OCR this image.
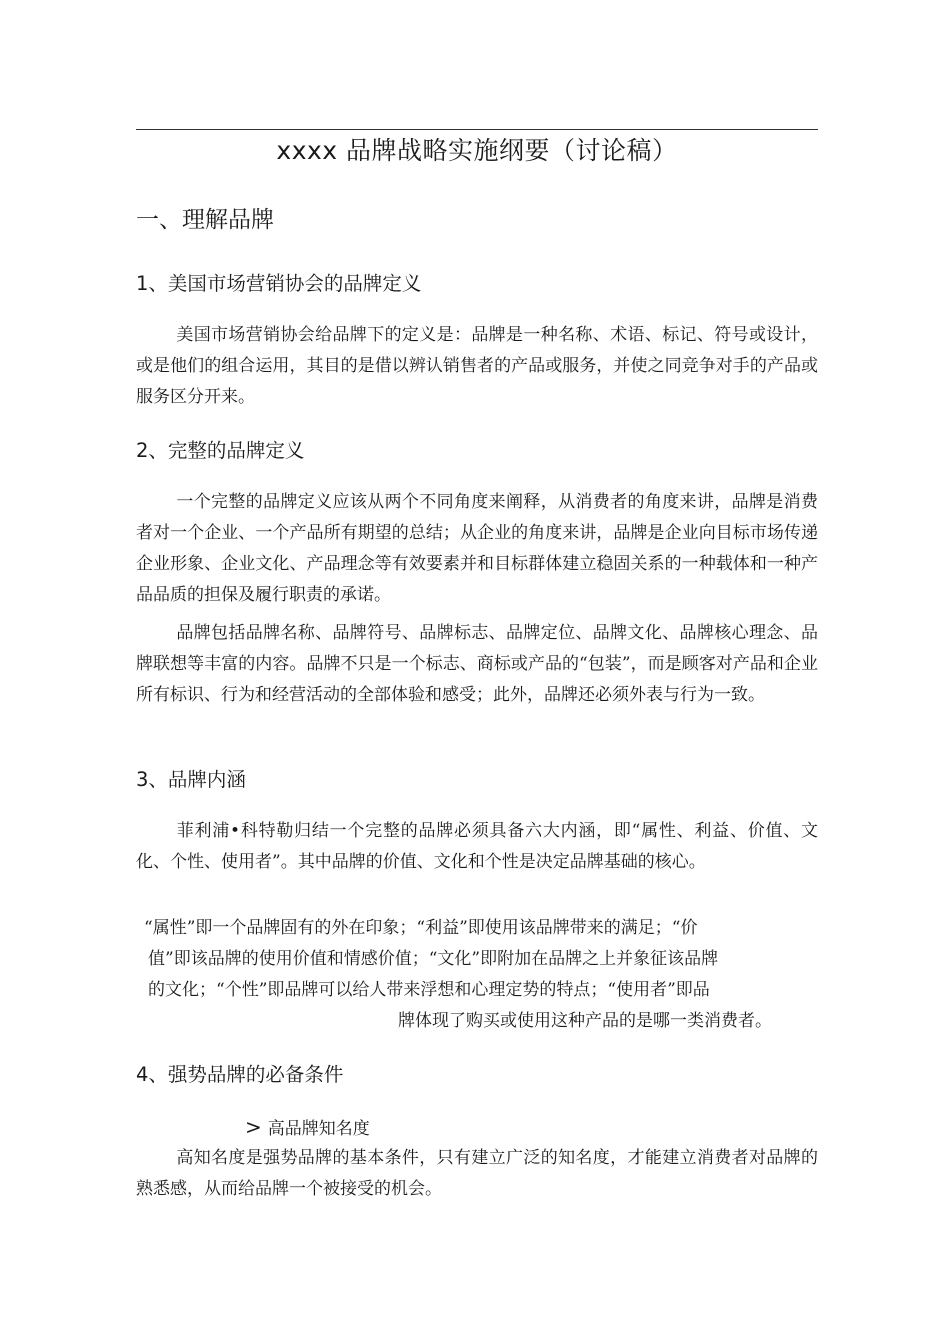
xxxx 品牌战略实施纲要（讨论稿）
一、理解品牌
1、美国市场营销协会的品牌定义
美国市场营销协会给品牌下的定义是：品牌是一种名称、术语、标记、符号或设计，或是他们的组合运用，其目的是借以辨认销售者的产品或服务，并使之同竞争对手的产品或服务区分开来。
2、完整的品牌定义
一个完整的品牌定义应该从两个不同角度来阐释，从消费者的角度来讲，品牌是消费者对一个企业、一个产品所有期望的总结；从企业的角度来讲，品牌是企业向目标市场传递企业形象、企业文化、产品理念等有效要素并和目标群体建立稳固关系的一种载体和一种产品品质的担保及履行职责的承诺。
品牌包括品牌名称、品牌符号、品牌标志、品牌定位、品牌文化、品牌核心理念、品牌联想等丰富的内容。品牌不只是一个标志、商标或产品的“包装”，而是顾客对产品和企业所有标识、行为和经营活动的全部体验和感受；此外，品牌还必须外表与行为一致。
3、品牌内涵
菲利浦•科特勒归结一个完整的品牌必须具备六大内涵，即“属性、利益、价值、文化、个性、使用者”。其中品牌的价值、文化和个性是决定品牌基础的核心。
“属性”即一个品牌固有的外在印象；“利益”即使用该品牌带来的满足；“价
值”即该品牌的使用价值和情感价值；“文化”即附加在品牌之上并象征该品牌
的文化；“个性”即品牌可以给人带来浮想和心理定势的特点；“使用者”即品
牌体现了购买或使用这种产品的是哪一类消费者。
4、强势品牌的必备条件
> 高品牌知名度
高知名度是强势品牌的基本条件，只有建立广泛的知名度，才能建立消费者对品牌的熟悉感，从而给品牌一个被接受的机会。
